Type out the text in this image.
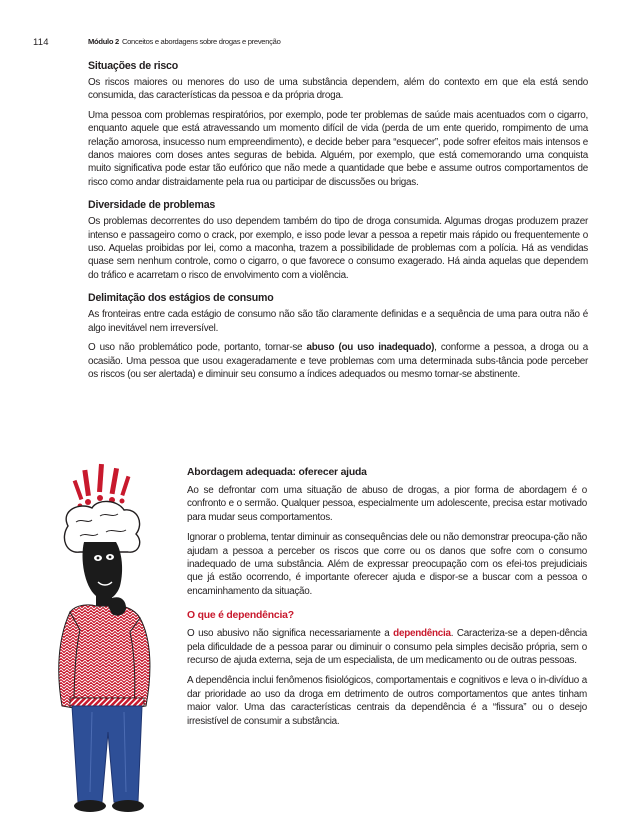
114	Módulo 2 Conceitos e abordagens sobre drogas e prevenção
Situações de risco

Os riscos maiores ou menores do uso de uma substância dependem, além do contexto em que ela está sendo consumida, das características da pessoa e da própria droga.

Uma pessoa com problemas respiratórios, por exemplo, pode ter problemas de saúde mais acentuados com o cigarro, enquanto aquele que está atravessando um momento difícil de vida (perda de um ente querido, rompimento de uma relação amorosa, insucesso num empreendimento), e decide beber para “esquecer”, pode sofrer efeitos mais intensos e danos maiores com doses antes seguras de bebida. Alguém, por exemplo, que está comemorando uma conquista muito significativa pode estar tão eufórico que não mede a quantidade que bebe e assume outros comportamentos de risco como andar distraidamente pela rua ou participar de discussões ou brigas.

Diversidade de problemas

Os problemas decorrentes do uso dependem também do tipo de droga consumida. Algumas drogas produzem prazer intenso e passageiro como o crack, por exemplo, e isso pode levar a pessoa a repetir mais rápido ou frequentemente o uso. Aquelas proibidas por lei, como a maconha, trazem a possibilidade de problemas com a polícia. Há as vendidas quase sem nenhum controle, como o cigarro, o que favorece o consumo exagerado. Há ainda aquelas que dependem do tráfico e acarretam o risco de envolvimento com a violência.

Delimitação dos estágios de consumo

As fronteiras entre cada estágio de consumo não são tão claramente definidas e a sequência de uma para outra não é algo inevitável nem irreversível.

O uso não problemático pode, portanto, tornar-se abuso (ou uso inadequado), conforme a pessoa, a droga ou a ocasião. Uma pessoa que usou exageradamente e teve problemas com uma determinada subs-tância pode perceber os riscos (ou ser alertada) e diminuir seu consumo a índices adequados ou mesmo tornar-se abstinente.

Abordagem adequada: oferecer ajuda

Ao se defrontar com uma situação de abuso de drogas, a pior forma de abordagem é o confronto e o sermão. Qualquer pessoa, especialmente um adolescente, precisa estar motivado para mudar seus comportamentos.

Ignorar o problema, tentar diminuir as consequências dele ou não demonstrar preocupa-ção não ajudam a pessoa a perceber os riscos que corre ou os danos que sofre com o consumo inadequado de uma substância. Além de expressar preocupação com os efei-tos prejudiciais que já estão ocorrendo, é importante oferecer ajuda e dispor-se a buscar com a pessoa o encaminhamento da situação.

O que é dependência?

O uso abusivo não significa necessariamente a dependência. Caracteriza-se a depen-dência pela dificuldade de a pessoa parar ou diminuir o consumo pela simples decisão própria, sem o recurso de ajuda externa, seja de um especialista, de um medicamento ou de outras pessoas.

A dependência inclui fenômenos fisiológicos, comportamentais e cognitivos e leva o in-divíduo a dar prioridade ao uso da droga em detrimento de outros comportamentos que antes tinham maior valor. Uma das características centrais da dependência é a “fissura” ou o desejo irresistível de consumir a substância.
